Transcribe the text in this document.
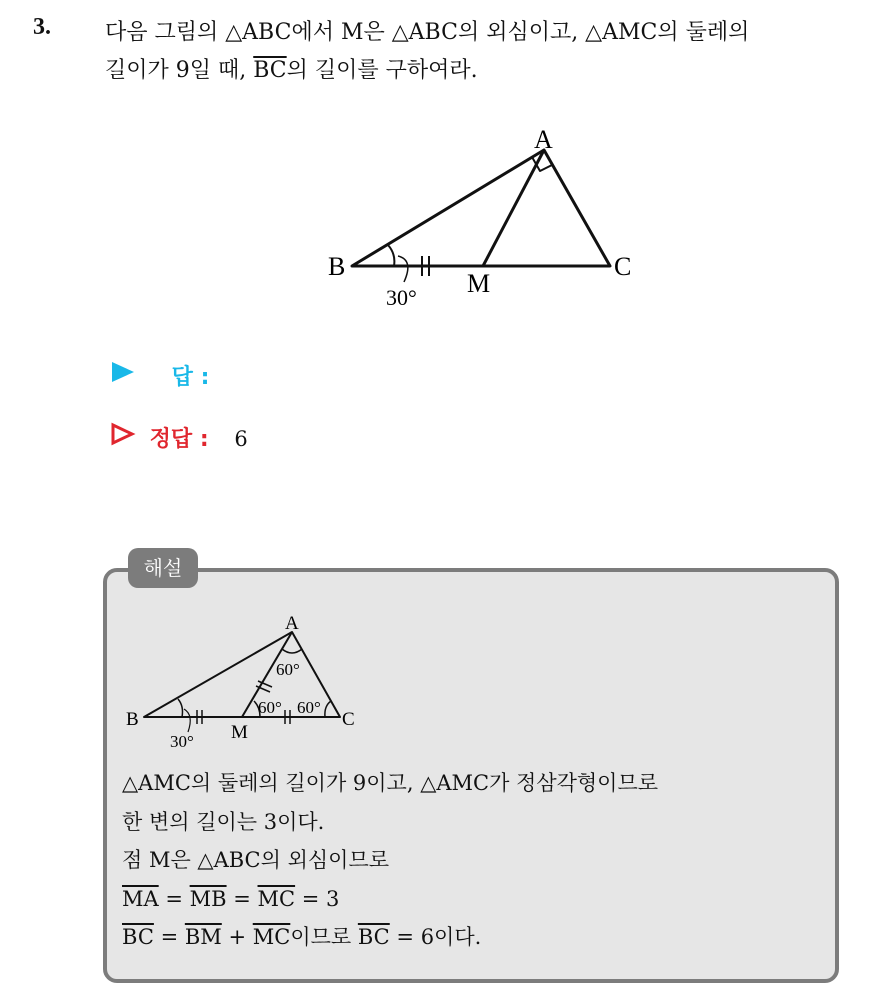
3. 다음 그림의 △ABC에서 M은 △ABC의 외심이고, △AMC의 둘레의
길이가 9일 때, $\overline{BC}$의 길이를 구하여라.
A
B	C
M
30°
답 :
정답 : 6
해설
A
B	C
M
30°
60°
60° 60°
△AMC의 둘레의 길이가 9이고, △AMC가 정삼각형이므로
한 변의 길이는 3이다.
점 M은 △ABC의 외심이므로
$\overline{MA} = \overline{MB} = \overline{MC} = 3$
$\overline{BC} = \overline{BM} + \overline{MC}$이므로 $\overline{BC} = 6$이다.
